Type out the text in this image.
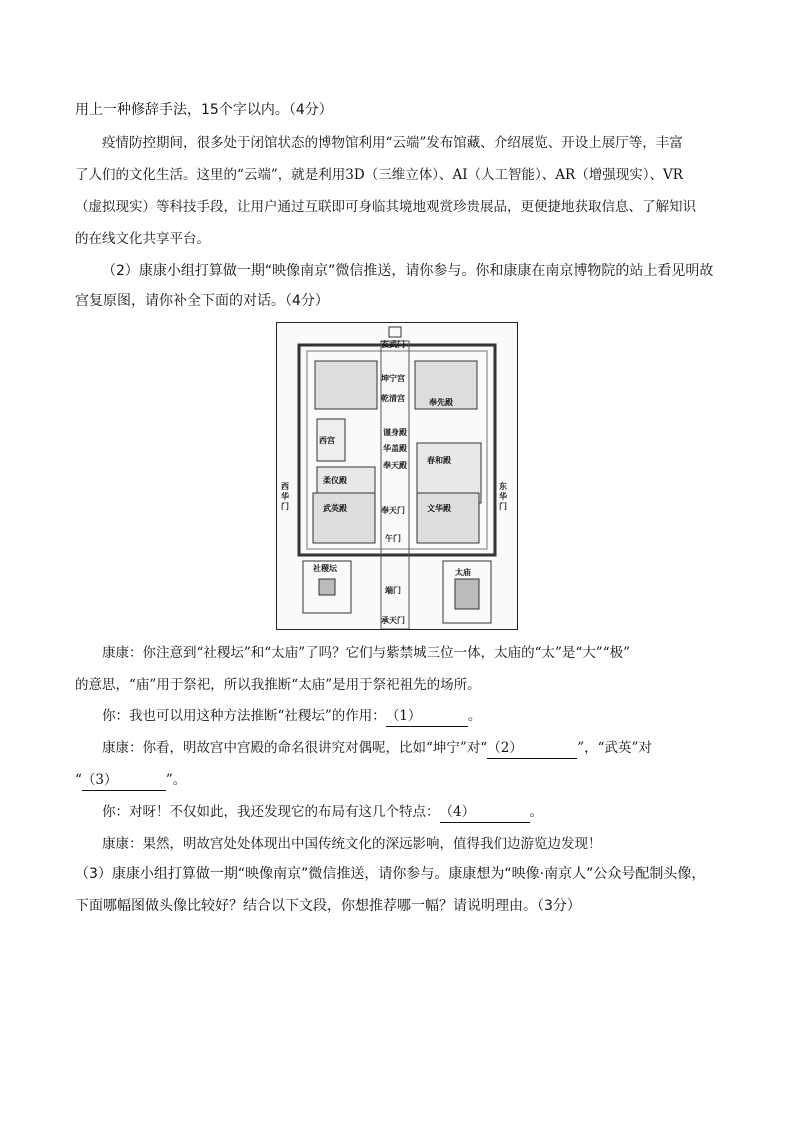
用上一种修辞手法，15个字以内。（4分）
疫情防控期间，很多处于闭馆状态的博物馆利用“云端”发布馆藏、介绍展览、开设上展厅等，丰富
了人们的文化生活。这里的“云端”，就是利用3D（三维立体）、AI（人工智能）、AR（增强现实）、VR
（虚拟现实）等科技手段，让用户通过互联即可身临其境地观赏珍贵展品，更便捷地获取信息、了解知识
的在线文化共享平台。
（2）康康小组打算做一期“映像南京”微信推送，请你参与。你和康康在南京博物院的站上看见明故
宫复原图，请你补全下面的对话。（4分）
玄武门
坤宁宫
乾清宫	奉先殿
西宫
谨身殿
华盖殿
奉天殿
柔仪殿
春和殿
武英殿	文华殿
西华门
东华门
奉天门
午门
社稷坛	太庙
端门
承天门
康康：你注意到“社稷坛”和“太庙”了吗？它们与紫禁城三位一体，太庙的“太”是“大”“极”
的意思，“庙”用于祭祀，所以我推断“太庙”是用于祭祀祖先的场所。
你：我也可以用这种方法推断“社稷坛”的作用：（1）	。
康康：你看，明故宫中宫殿的命名很讲究对偶呢，比如“坤宁”对“（2）	”，“武英”对
“（3）	”。
你：对呀！不仅如此，我还发现它的布局有这几个特点：（4）	。
康康：果然，明故宫处处体现出中国传统文化的深远影响，值得我们边游览边发现！
（3）康康小组打算做一期“映像南京”微信推送，请你参与。康康想为“映像·南京人”公众号配制头像，
下面哪幅图做头像比较好？结合以下文段，你想推荐哪一幅？请说明理由。（3分）
